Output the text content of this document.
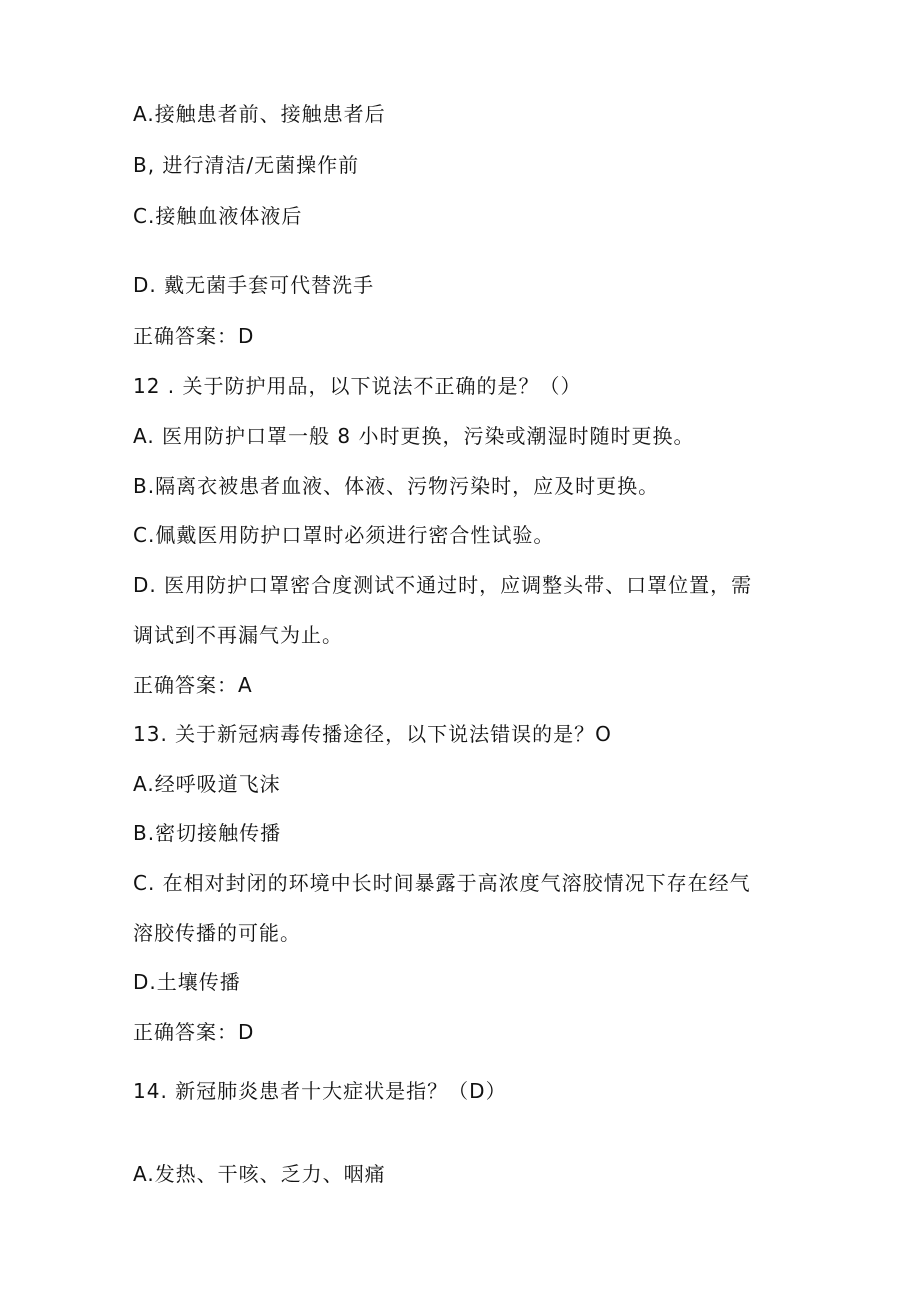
A.接触患者前、接触患者后
B, 进行清洁/无菌操作前
C.接触血液体液后
D. 戴无菌手套可代替洗手
正确答案：D
12 . 关于防护用品，以下说法不正确的是？（）
A. 医用防护口罩一般 8 小时更换，污染或潮湿时随时更换。
B.隔离衣被患者血液、体液、污物污染时，应及时更换。
C.佩戴医用防护口罩时必须进行密合性试验。
D. 医用防护口罩密合度测试不通过时，应调整头带、口罩位置，需
调试到不再漏气为止。
正确答案：A
13. 关于新冠病毒传播途径，以下说法错误的是？O
A.经呼吸道飞沫
B.密切接触传播
C. 在相对封闭的环境中长时间暴露于高浓度气溶胶情况下存在经气
溶胶传播的可能。
D.土壤传播
正确答案：D
14. 新冠肺炎患者十大症状是指？（D）
A.发热、干咳、乏力、咽痛
